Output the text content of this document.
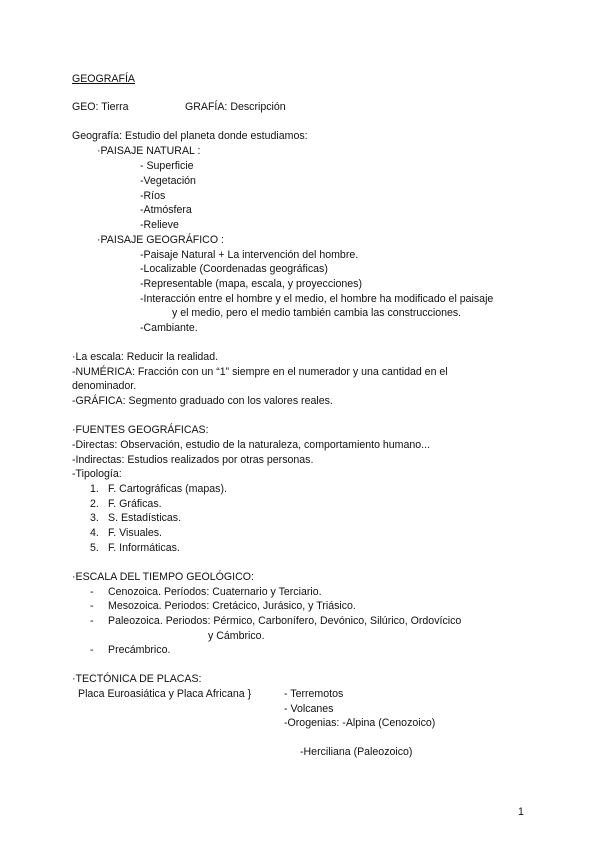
GEOGRAFÍA
GEO: Tierra	GRAFÍA: Descripción
Geografía: Estudio del planeta donde estudiamos:
·PAISAJE NATURAL :
- Superficie
-Vegetación
-Ríos
-Atmósfera
-Relieve
·PAISAJE GEOGRÁFICO :
-Paisaje Natural + La intervención del hombre.
-Localizable (Coordenadas geográficas)
-Representable (mapa, escala, y proyecciones)
-Interacción entre el hombre y el medio, el hombre ha modificado el paisaje
y el medio, pero el medio también cambia las construcciones.
-Cambiante.
·La escala: Reducir la realidad.
-NUMÉRICA: Fracción con un “1” siempre en el numerador y una cantidad en el
denominador.
-GRÁFICA: Segmento graduado con los valores reales.
·FUENTES GEOGRÁFICAS:
-Directas: Observación, estudio de la naturaleza, comportamiento humano...
-Indirectas: Estudios realizados por otras personas.
-Tipología:
1. F. Cartográficas (mapas).
2. F. Gráficas.
3. S. Estadísticas.
4. F. Visuales.
5. F. Informáticas.
·ESCALA DEL TIEMPO GEOLÓGICO:
- Cenozoica. Períodos: Cuaternario y Terciario.
- Mesozoica. Periodos: Cretácico, Jurásico, y Triásico.
- Paleozoica. Periodos: Pérmico, Carbonífero, Devónico, Silúrico, Ordovícico
y Cámbrico.
- Precámbrico.
·TECTÓNICA DE PLACAS:
Placa Euroasiática y Placa Africana }	- Terremotos
- Volcanes
-Orogenias: -Alpina (Cenozoico)
-Herciliana (Paleozoico)
1
